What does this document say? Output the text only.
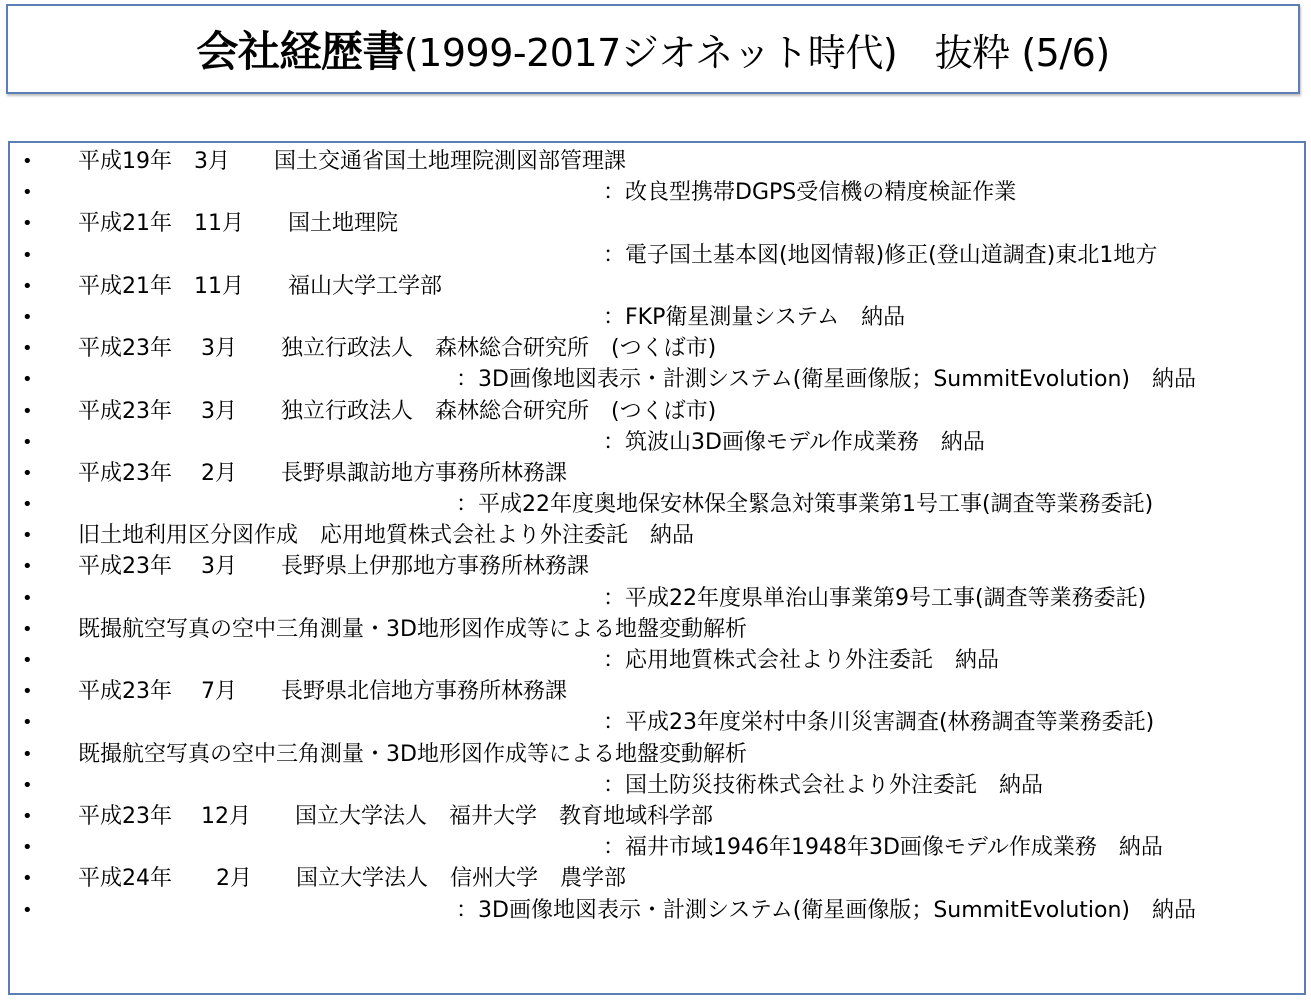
会社経歴書(1999-2017ジオネット時代)　抜粋 (5/6)
• 平成19年　3月　　国土交通省国土地理院測図部管理課
•	：改良型携帯DGPS受信機の精度検証作業
• 平成21年　11月　　国土地理院
•	：電子国土基本図(地図情報)修正(登山道調査)東北1地方
• 平成21年　11月　　福山大学工学部
•	：FKP衛星測量システム　納品
• 平成23年　 3月　　独立行政法人　森林総合研究所　(つくば市)
•	：3D画像地図表示・計測システム(衛星画像版；SummitEvolution)　納品
• 平成23年　 3月　　独立行政法人　森林総合研究所　(つくば市)
•	：筑波山3D画像モデル作成業務　納品
• 平成23年　 2月　　長野県諏訪地方事務所林務課
•	：平成22年度奥地保安林保全緊急対策事業第1号工事(調査等業務委託)
• 旧土地利用区分図作成　応用地質株式会社より外注委託　納品
• 平成23年　 3月　　長野県上伊那地方事務所林務課
•	：平成22年度県単治山事業第9号工事(調査等業務委託)
• 既撮航空写真の空中三角測量・3D地形図作成等による地盤変動解析
•	：応用地質株式会社より外注委託　納品
• 平成23年　 7月　　長野県北信地方事務所林務課
•	：平成23年度栄村中条川災害調査(林務調査等業務委託)
• 既撮航空写真の空中三角測量・3D地形図作成等による地盤変動解析
•	：国土防災技術株式会社より外注委託　納品
• 平成23年　 12月　　国立大学法人　福井大学　教育地域科学部
•	：福井市域1946年1948年3D画像モデル作成業務　納品
• 平成24年　　2月　　国立大学法人　信州大学　農学部
•	：3D画像地図表示・計測システム(衛星画像版；SummitEvolution)　納品
